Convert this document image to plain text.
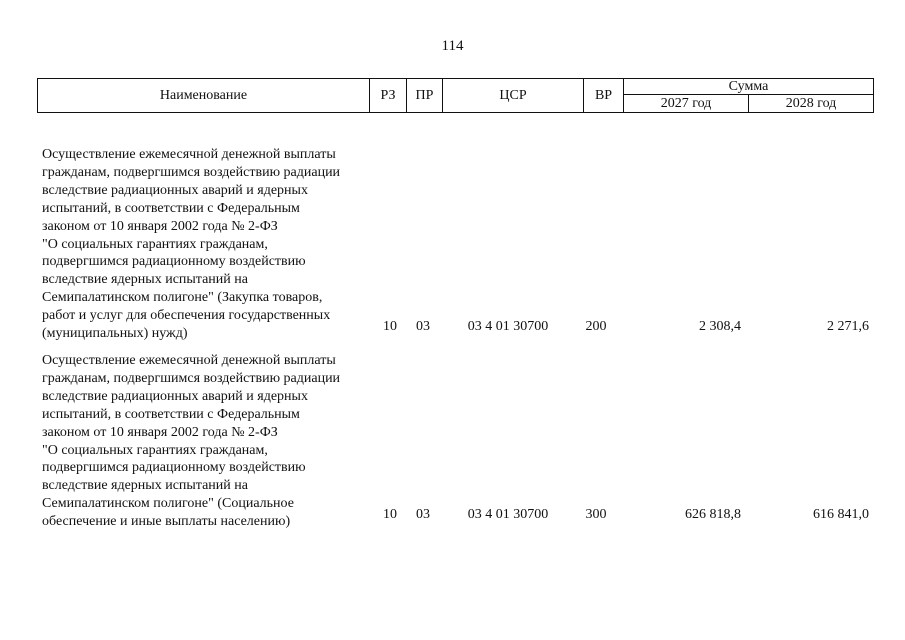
114
Наименование	РЗ	ПР	ЦСР	ВР	Сумма	
					2027 год	2028 год
Осуществление ежемесячной денежной выплаты
гражданам, подвергшимся воздействию радиации
вследствие радиационных аварий и ядерных
испытаний, в соответствии с Федеральным
законом от 10 января 2002 года № 2-ФЗ
"О социальных гарантиях гражданам,
подвергшимся радиационному воздействию
вследствие ядерных испытаний на
Семипалатинском полигоне" (Закупка товаров,
работ и услуг для обеспечения государственных
(муниципальных) нужд)	10	03	03 4 01 30700	200	2 308,4	2 271,6
Осуществление ежемесячной денежной выплаты
гражданам, подвергшимся воздействию радиации
вследствие радиационных аварий и ядерных
испытаний, в соответствии с Федеральным
законом от 10 января 2002 года № 2-ФЗ
"О социальных гарантиях гражданам,
подвергшимся радиационному воздействию
вследствие ядерных испытаний на
Семипалатинском полигоне" (Социальное
обеспечение и иные выплаты населению)	10	03	03 4 01 30700	300	626 818,8	616 841,0
